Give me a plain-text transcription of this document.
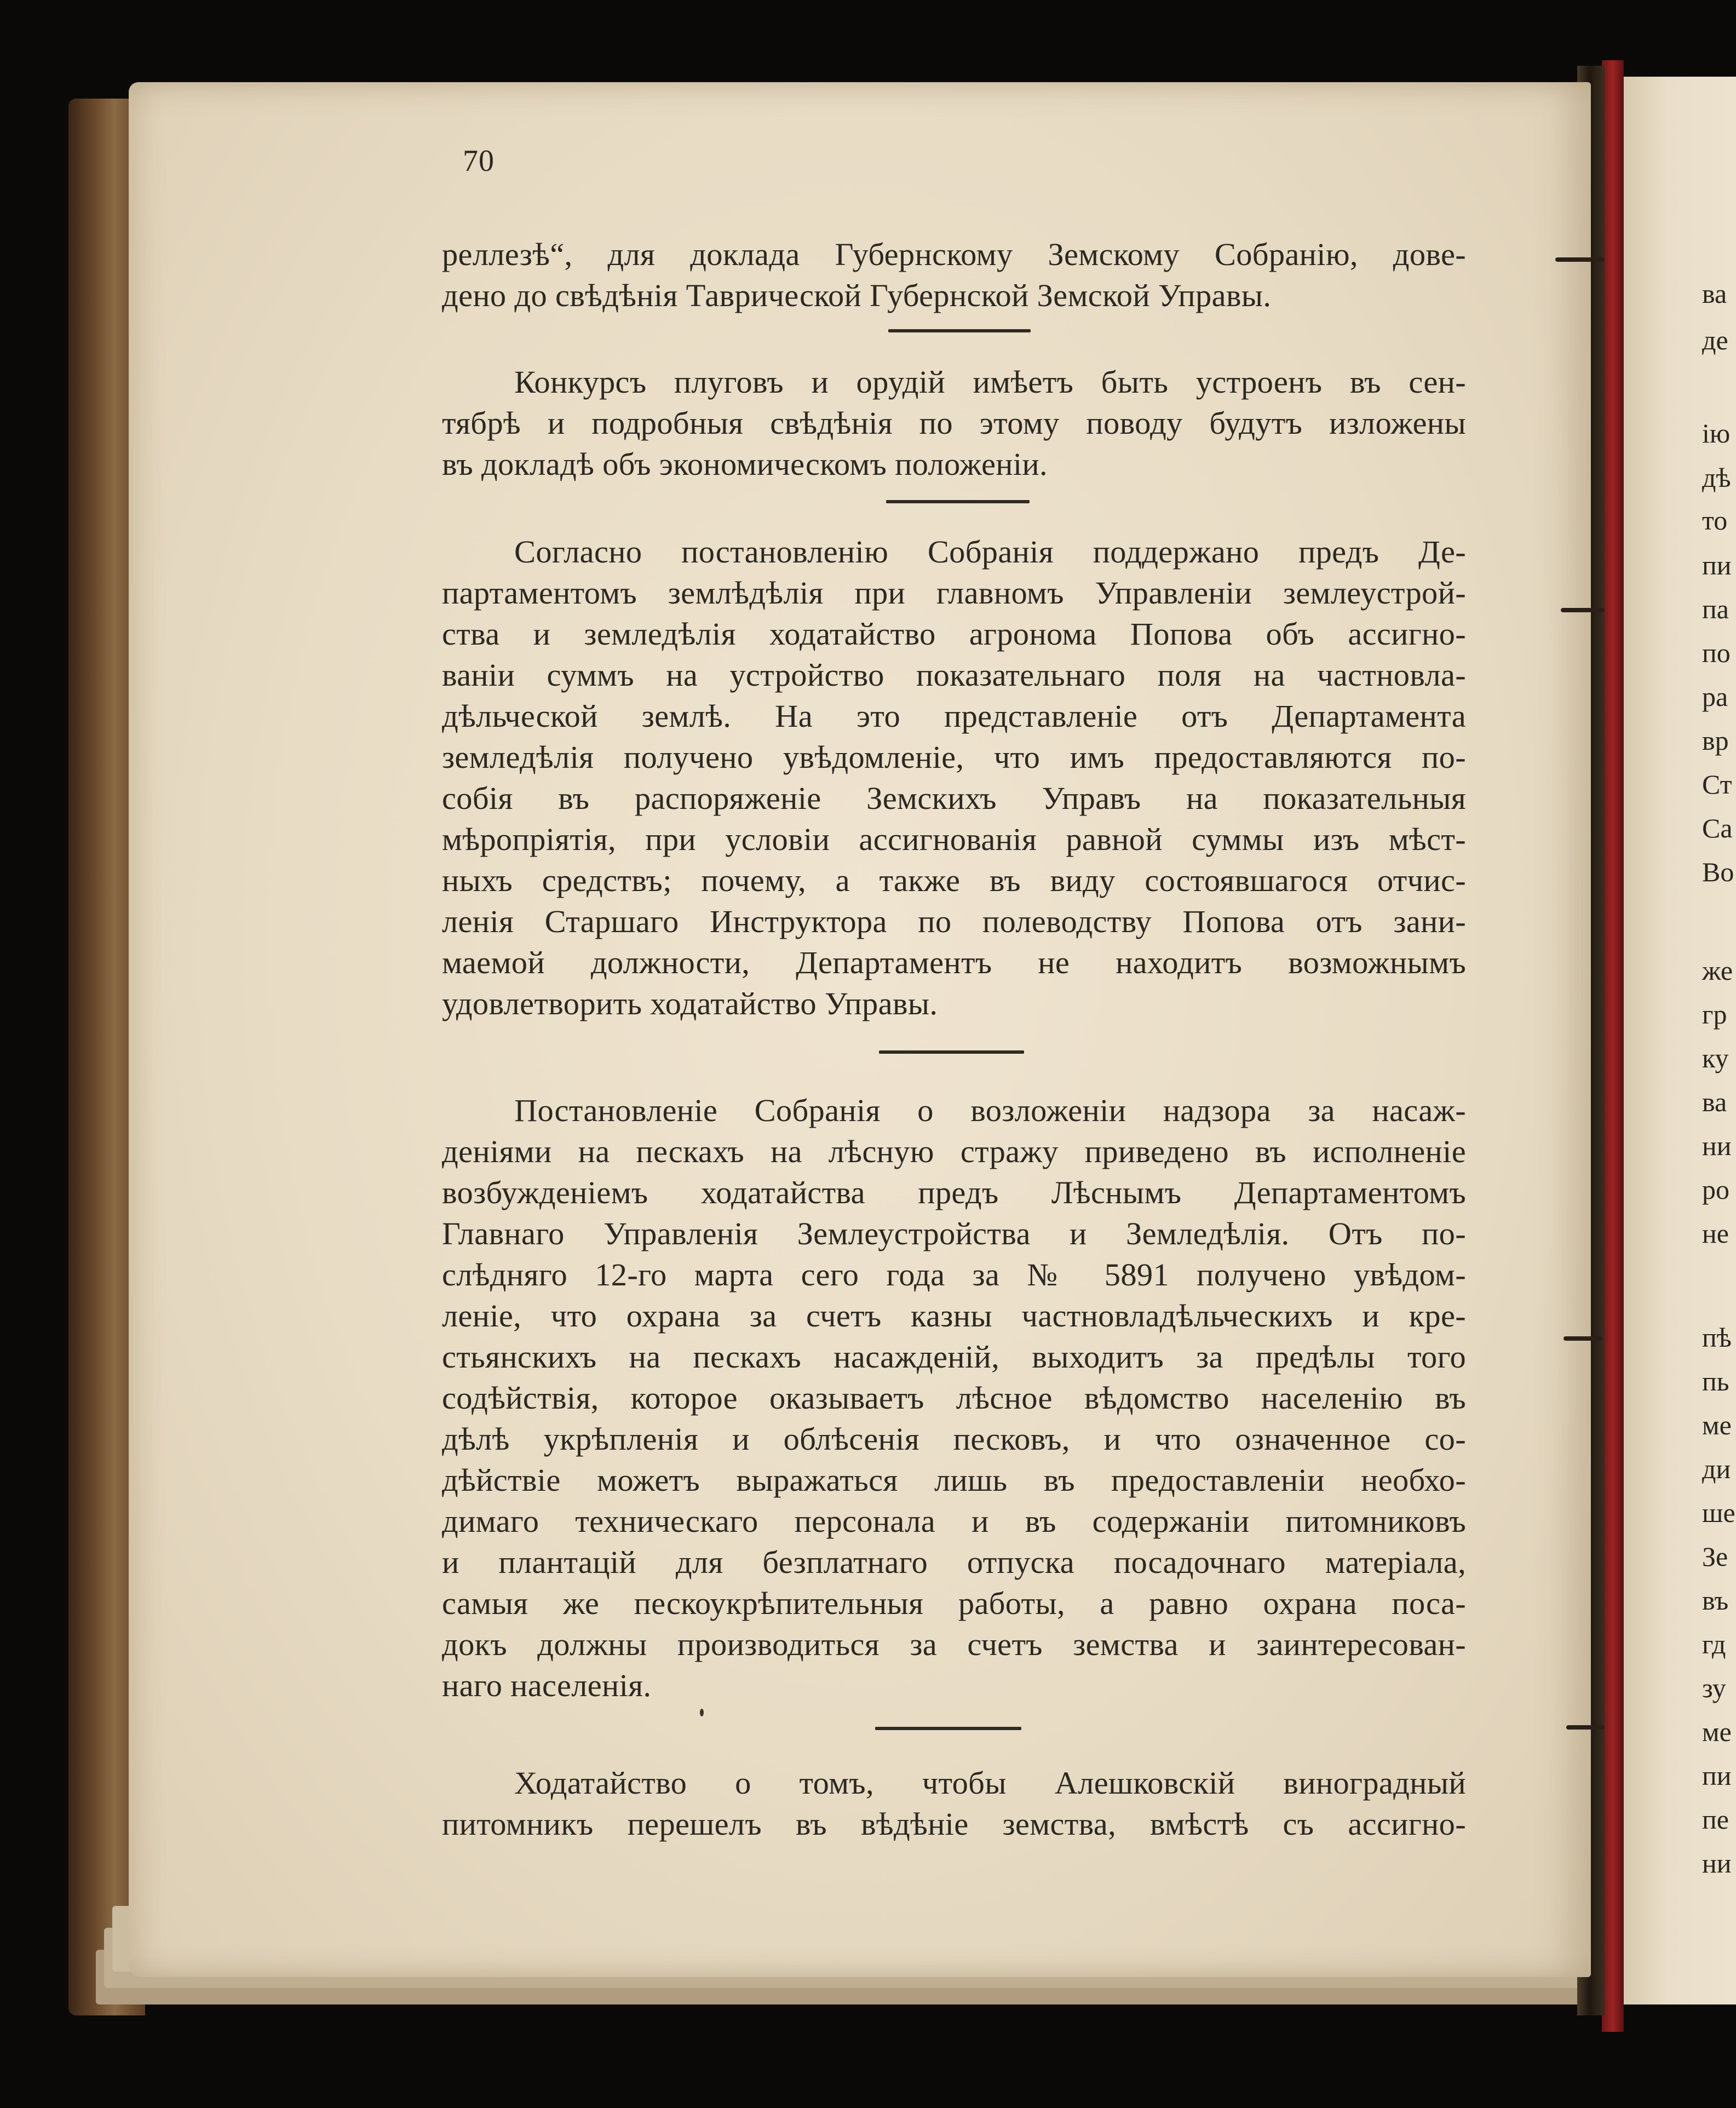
70
реллезѣ“, для доклада Губернскому Земскому Собранію, дове-
дено до свѣдѣнія Таврической Губернской Земской Управы.
Конкурсъ плуговъ и орудій имѣетъ быть устроенъ въ сен-
тябрѣ и подробныя свѣдѣнія по этому поводу будутъ изложены
въ докладѣ объ экономическомъ положеніи.
Согласно постановленію Собранія поддержано предъ Де-
партаментомъ землѣдѣлія при главномъ Управленіи землеустрой-
ства и земледѣлія ходатайство агронома Попова объ ассигно-
ваніи суммъ на устройство показательнаго поля на частновла-
дѣльческой землѣ. На это представленіе отъ Департамента
земледѣлія получено увѣдомленіе, что имъ предоставляются по-
собія въ распоряженіе Земскихъ Управъ на показательныя
мѣропріятія, при условіи ассигнованія равной суммы изъ мѣст-
ныхъ средствъ; почему, а также въ виду состоявшагося отчис-
ленія Старшаго Инструктора по полеводству Попова отъ зани-
маемой должности, Департаментъ не находитъ возможнымъ
удовлетворить ходатайство Управы.
Постановленіе Собранія о возложеніи надзора за насаж-
деніями на пескахъ на лѣсную стражу приведено въ исполненіе
возбужденіемъ ходатайства предъ Лѣснымъ Департаментомъ
Главнаго Управленія Землеустройства и Земледѣлія. Отъ по-
слѣдняго 12-го марта сего года за № 5891 получено увѣдом-
леніе, что охрана за счетъ казны частновладѣльческихъ и кре-
стьянскихъ на пескахъ насажденій, выходитъ за предѣлы того
содѣйствія, которое оказываетъ лѣсное вѣдомство населенію въ
дѣлѣ укрѣпленія и облѣсенія песковъ, и что означенное со-
дѣйствіе можетъ выражаться лишь въ предоставленіи необхо-
димаго техническаго персонала и въ содержаніи питомниковъ
и плантацій для безплатнаго отпуска посадочнаго матеріала,
самыя же пескоукрѣпительныя работы, а равно охрана поса-
докъ должны производиться за счетъ земства и заинтересован-
наго населенія.
Ходатайство о томъ, чтобы Алешковскій виноградный
питомникъ перешелъ въ вѣдѣніе земства, вмѣстѣ съ ассигно-
ва
де
ію
дѣ
то
пи
па
по
ра
вр
Ст
Са
Во
же
гр
ку
ва
ни
ро
не
пѣ
пь
ме
ди
ше
Зе
въ
гд
зу
ме
пи
пе
ни
